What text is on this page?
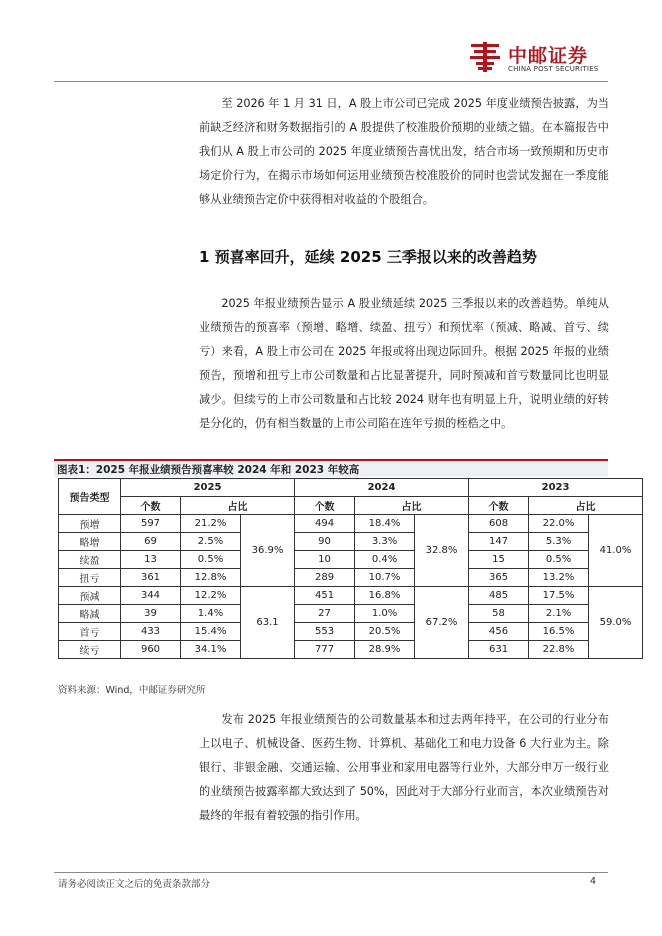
中邮证券
CHINA POST SECURITIES

至 2026 年 1 月 31 日，A 股上市公司已完成 2025 年度业绩预告披露，为当前缺乏经济和财务数据指引的 A 股提供了校准股价预期的业绩之锚。在本篇报告中我们从 A 股上市公司的 2025 年度业绩预告喜忧出发，结合市场一致预期和历史市场定价行为，在揭示市场如何运用业绩预告校准股价的同时也尝试发掘在一季度能够从业绩预告定价中获得相对收益的个股组合。

1 预喜率回升，延续 2025 三季报以来的改善趋势

2025 年报业绩预告显示 A 股业绩延续 2025 三季报以来的改善趋势。单纯从业绩预告的预喜率（预增、略增、续盈、扭亏）和预忧率（预减、略减、首亏、续亏）来看，A 股上市公司在 2025 年报或将出现边际回升。根据 2025 年报的业绩预告，预增和扭亏上市公司数量和占比显著提升，同时预减和首亏数量同比也明显减少。但续亏的上市公司数量和占比较 2024 财年也有明显上升，说明业绩的好转是分化的，仍有相当数量的上市公司陷在连年亏损的桎梏之中。

图表1：2025 年报业绩预告预喜率较 2024 年和 2023 年较高
预告类型	2025			2024			2023		
	个数	占比		个数	占比		个数	占比	
预增	597	21.2%	36.9%	494	18.4%	32.8%	608	22.0%	41.0%
略增	69	2.5%		90	3.3%		147	5.3%	
续盈	13	0.5%		10	0.4%		15	0.5%	
扭亏	361	12.8%		289	10.7%		365	13.2%	
预减	344	12.2%	63.1	451	16.8%	67.2%	485	17.5%	59.0%
略减	39	1.4%		27	1.0%		58	2.1%	
首亏	433	15.4%		553	20.5%		456	16.5%	
续亏	960	34.1%		777	28.9%		631	22.8%	
资料来源：Wind，中邮证券研究所

发布 2025 年报业绩预告的公司数量基本和过去两年持平，在公司的行业分布上以电子、机械设备、医药生物、计算机、基础化工和电力设备 6 大行业为主。除银行、非银金融、交通运输、公用事业和家用电器等行业外，大部分申万一级行业的业绩预告披露率都大致达到了 50%，因此对于大部分行业而言，本次业绩预告对最终的年报有着较强的指引作用。

请务必阅读正文之后的免责条款部分	4
